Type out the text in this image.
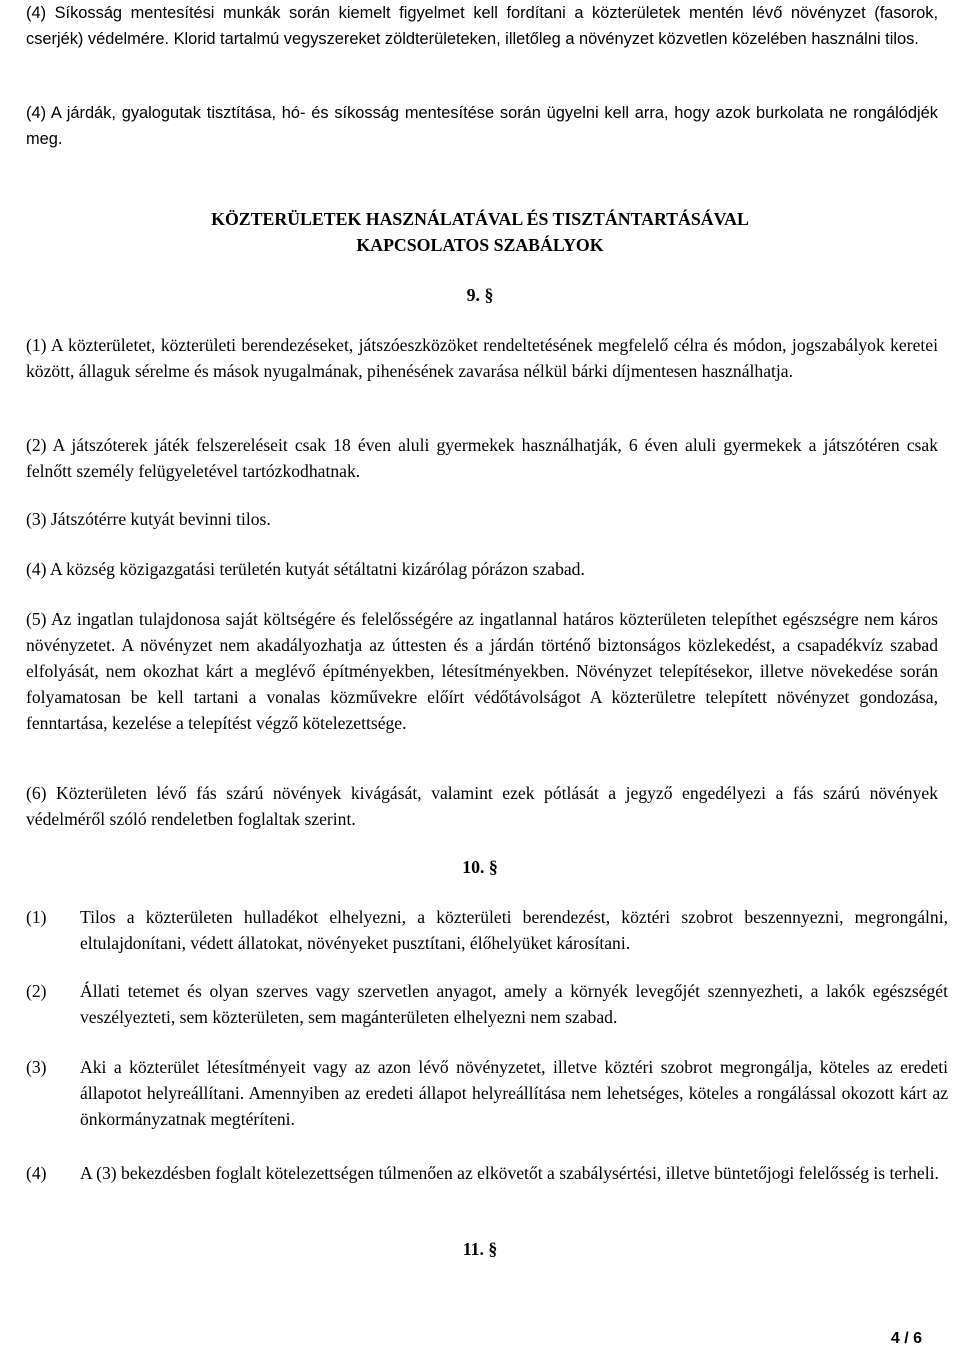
(4) Síkosság mentesítési munkák során kiemelt figyelmet kell fordítani a közterületek mentén lévő növényzet (fasorok, cserjék) védelmére. Klorid tartalmú vegyszereket zöldterületeken, illetőleg a növényzet közvetlen közelében használni tilos.
(4) A járdák, gyalogutak tisztítása, hó- és síkosság mentesítése során ügyelni kell arra, hogy azok burkolata ne rongálódjék meg.
KÖZTERÜLETEK HASZNÁLATÁVAL ÉS TISZTÁNTARTÁSÁVAL
KAPCSOLATOS SZABÁLYOK
9. §
(1) A közterületet, közterületi berendezéseket, játszóeszközöket rendeltetésének megfelelő célra és módon, jogszabályok keretei között, állaguk sérelme és mások nyugalmának, pihenésének zavarása nélkül bárki díjmentesen használhatja.
(2) A játszóterek játék felszereléseit csak 18 éven aluli gyermekek használhatják, 6 éven aluli gyermekek a játszótéren csak felnőtt személy felügyeletével tartózkodhatnak.
(3) Játszótérre kutyát bevinni tilos.
(4) A község közigazgatási területén kutyát sétáltatni kizárólag pórázon szabad.
(5) Az ingatlan tulajdonosa saját költségére és felelősségére az ingatlannal határos közterületen telepíthet egészségre nem káros növényzetet. A növényzet nem akadályozhatja az úttesten és a járdán történő biztonságos közlekedést, a csapadékvíz szabad elfolyását, nem okozhat kárt a meglévő építményekben, létesítményekben. Növényzet telepítésekor, illetve növekedése során folyamatosan be kell tartani a vonalas közművekre előírt védőtávolságot A közterületre telepített növényzet gondozása, fenntartása, kezelése a telepítést végző kötelezettsége.
(6) Közterületen lévő fás szárú növények kivágását, valamint ezek pótlását a jegyző engedélyezi a fás szárú növények védelméről szóló rendeletben foglaltak szerint.
10. §
(1)	Tilos a közterületen hulladékot elhelyezni, a közterületi berendezést, köztéri szobrot beszennyezni, megrongálni, eltulajdonítani, védett állatokat, növényeket pusztítani, élőhelyüket károsítani.
(2)	Állati tetemet és olyan szerves vagy szervetlen anyagot, amely a környék levegőjét szennyezheti, a lakók egészségét veszélyezteti, sem közterületen, sem magánterületen elhelyezni nem szabad.
(3)	Aki a közterület létesítményeit vagy az azon lévő növényzetet, illetve köztéri szobrot megrongálja, köteles az eredeti állapotot helyreállítani. Amennyiben az eredeti állapot helyreállítása nem lehetséges, köteles a rongálással okozott kárt az önkormányzatnak megtéríteni.
(4)	A (3) bekezdésben foglalt kötelezettségen túlmenően az elkövetőt a szabálysértési, illetve büntetőjogi felelősség is terheli.
11. §
4 / 6
